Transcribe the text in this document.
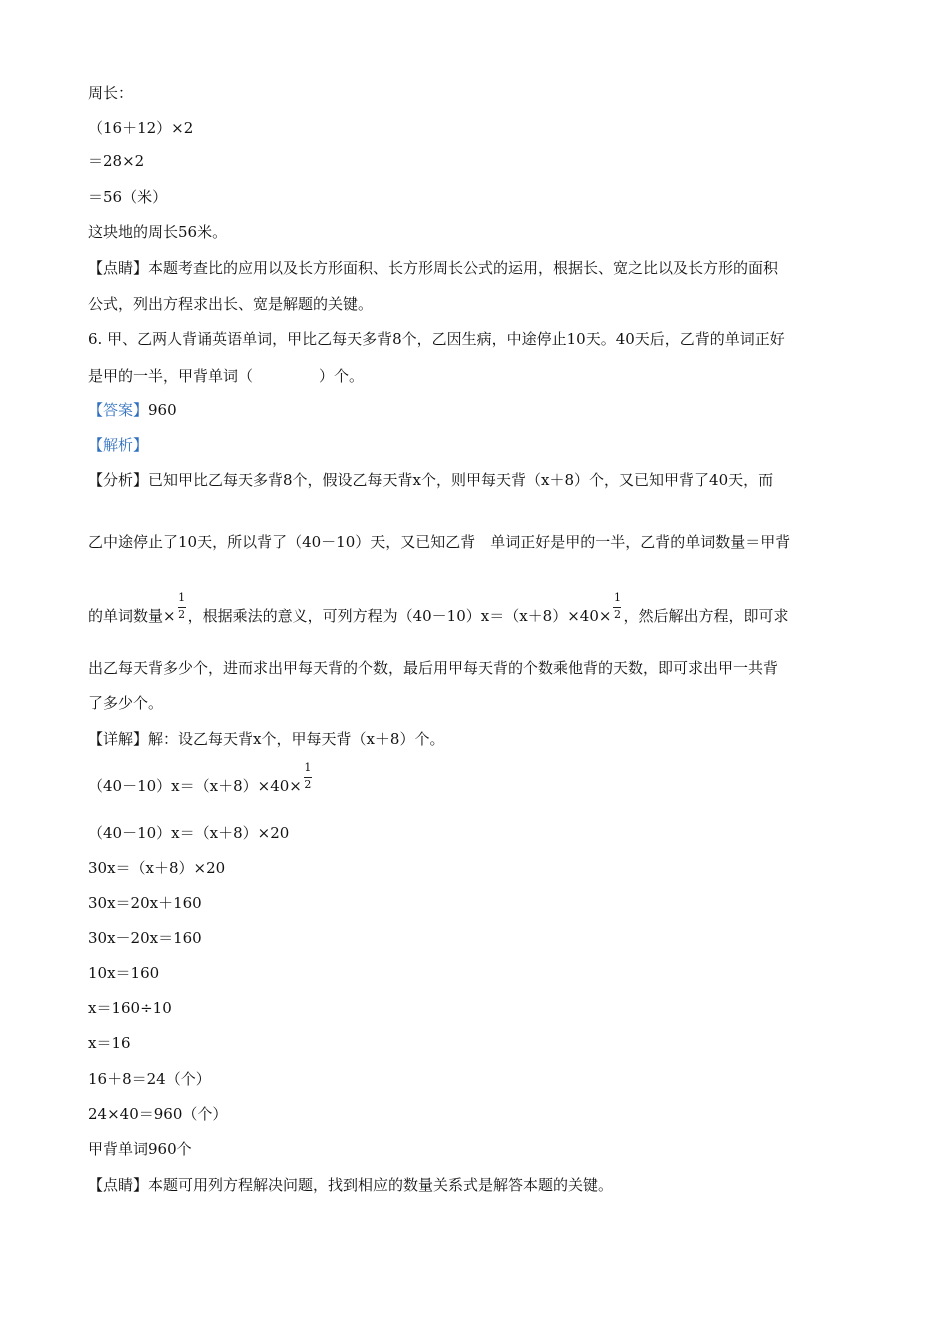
周长：
（16＋12）×2
＝28×2
＝56（米）
这块地的周长56米。
【点睛】本题考查比的应用以及长方形面积、长方形周长公式的运用，根据长、宽之比以及长方形的面积
公式，列出方程求出长、宽是解题的关键。
6. 甲、乙两人背诵英语单词，甲比乙每天多背8个，乙因生病，中途停止10天。40天后，乙背的单词正好
是甲的一半，甲背单词（	）个。
【答案】960
【解析】
【分析】已知甲比乙每天多背8个，假设乙每天背x个，则甲每天背（x＋8）个，又已知甲背了40天，而
乙中途停止了10天，所以背了（40－10）天，又已知乙背　单词正好是甲的一半，乙背的单词数量＝甲背
的单词数量× $\frac{1}{2}$ ，根据乘法的意义，可列方程为$(40-10)x=(x+8)\times 40\times \frac{1}{2}$ ，然后解出方程，即可求
出乙每天背多少个，进而求出甲每天背的个数，最后用甲每天背的个数乘他背的天数，即可求出甲一共背
了多少个。
【详解】解：设乙每天背x个，甲每天背（x＋8）个。
$(40-10)x=(x+8)\times 40\times \frac{1}{2}$
（40－10）x＝（x＋8）×20
30x＝（x＋8）×20
30x＝20x＋160
30x－20x＝160
10x＝160
x＝160÷10
x＝16
16＋8＝24（个）
24×40＝960（个）
甲背单词960个
【点睛】本题可用列方程解决问题，找到相应的数量关系式是解答本题的关键。
